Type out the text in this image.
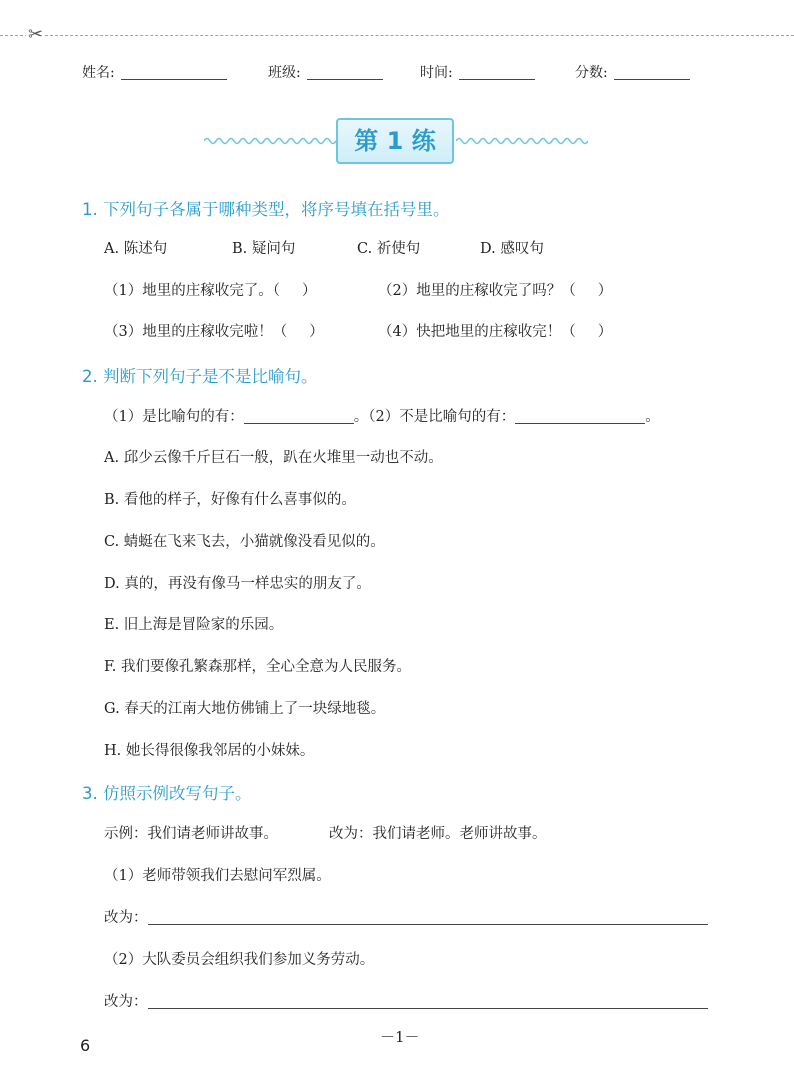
✂
姓名:	班级:	时间:	分数:
第 1 练
1. 下列句子各属于哪种类型，将序号填在括号里。
A. 陈述句	B. 疑问句	C. 祈使句	D. 感叹句
（1）地里的庄稼收完了。（ ）	（2）地里的庄稼收完了吗？（ ）
（3）地里的庄稼收完啦！（ ）	（4）快把地里的庄稼收完！（ ）
2. 判断下列句子是不是比喻句。
（1）是比喻句的有：	。（2）不是比喻句的有：	。
A. 邱少云像千斤巨石一般，趴在火堆里一动也不动。
B. 看他的样子，好像有什么喜事似的。
C. 蜻蜓在飞来飞去，小猫就像没看见似的。
D. 真的，再没有像马一样忠实的朋友了。
E. 旧上海是冒险家的乐园。
F. 我们要像孔繁森那样，全心全意为人民服务。
G. 春天的江南大地仿佛铺上了一块绿地毯。
H. 她长得很像我邻居的小妹妹。
3. 仿照示例改写句子。
示例：我们请老师讲故事。	改为：我们请老师。老师讲故事。
（1）老师带领我们去慰问军烈属。
改为：
（2）大队委员会组织我们参加义务劳动。
改为：
－1－
6
